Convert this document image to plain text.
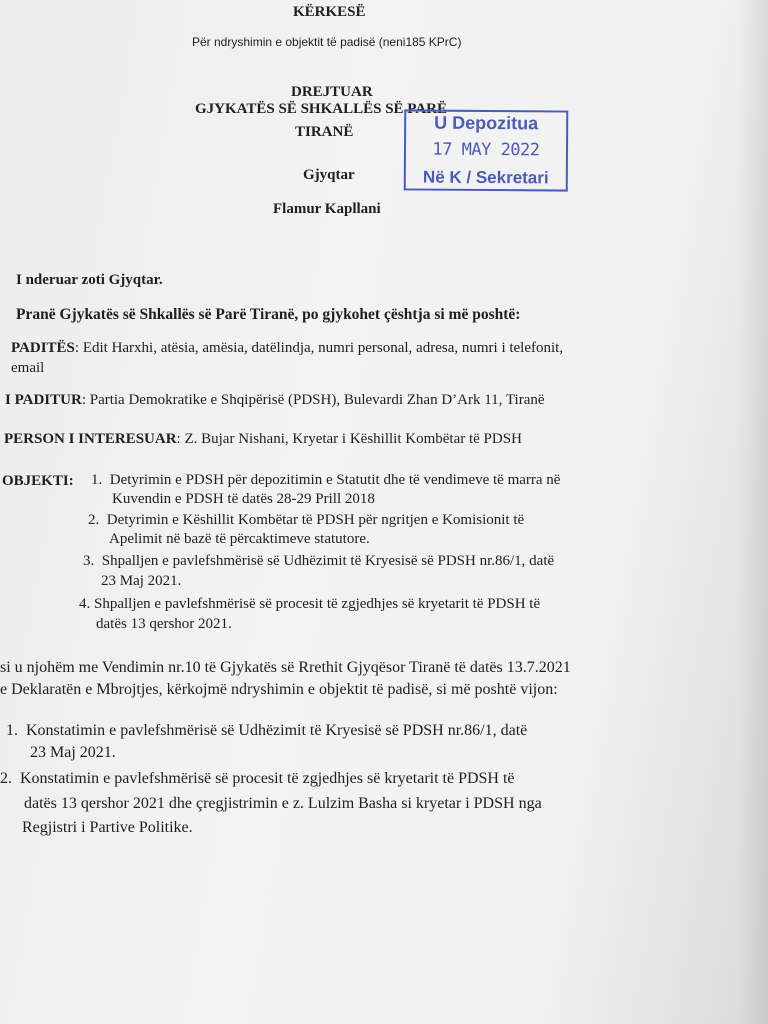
KËRKESË
Për ndryshimin e objektit të padisë (neni185 KPrC)
DREJTUAR
GJYKATËS SË SHKALLËS SË PARË
TIRANË
Gjyqtar
Flamur Kapllani
U Depozitua
17 MAY 2022
Në K / Sekretari
I nderuar zoti Gjyqtar.
Pranë Gjykatës së Shkallës së Parë Tiranë, po gjykohet çështja si më poshtë:
PADITËS: Edit Harxhi, atësia, amësia, datëlindja, numri personal, adresa, numri i telefonit,
email
I PADITUR: Partia Demokratike e Shqipërisë (PDSH), Bulevardi Zhan D’Ark 11, Tiranë
PERSON I INTERESUAR: Z. Bujar Nishani, Kryetar i Këshillit Kombëtar të PDSH
OBJEKTI: 1. Detyrimin e PDSH për depozitimin e Statutit dhe të vendimeve të marra në
Kuvendin e PDSH të datës 28-29 Prill 2018
2. Detyrimin e Këshillit Kombëtar të PDSH për ngritjen e Komisionit të
Apelimit në bazë të përcaktimeve statutore.
3. Shpalljen e pavlefshmërisë së Udhëzimit të Kryesisë së PDSH nr.86/1, datë
23 Maj 2021.
4. Shpalljen e pavlefshmërisë së procesit të zgjedhjes së kryetarit të PDSH të
datës 13 qershor 2021.
si u njohëm me Vendimin nr.10 të Gjykatës së Rrethit Gjyqësor Tiranë të datës 13.7.2021
e Deklaratën e Mbrojtjes, kërkojmë ndryshimin e objektit të padisë, si më poshtë vijon:
1. Konstatimin e pavlefshmërisë së Udhëzimit të Kryesisë së PDSH nr.86/1, datë
23 Maj 2021.
2. Konstatimin e pavlefshmërisë së procesit të zgjedhjes së kryetarit të PDSH të
datës 13 qershor 2021 dhe çregjistrimin e z. Lulzim Basha si kryetar i PDSH nga
Regjistri i Partive Politike.
